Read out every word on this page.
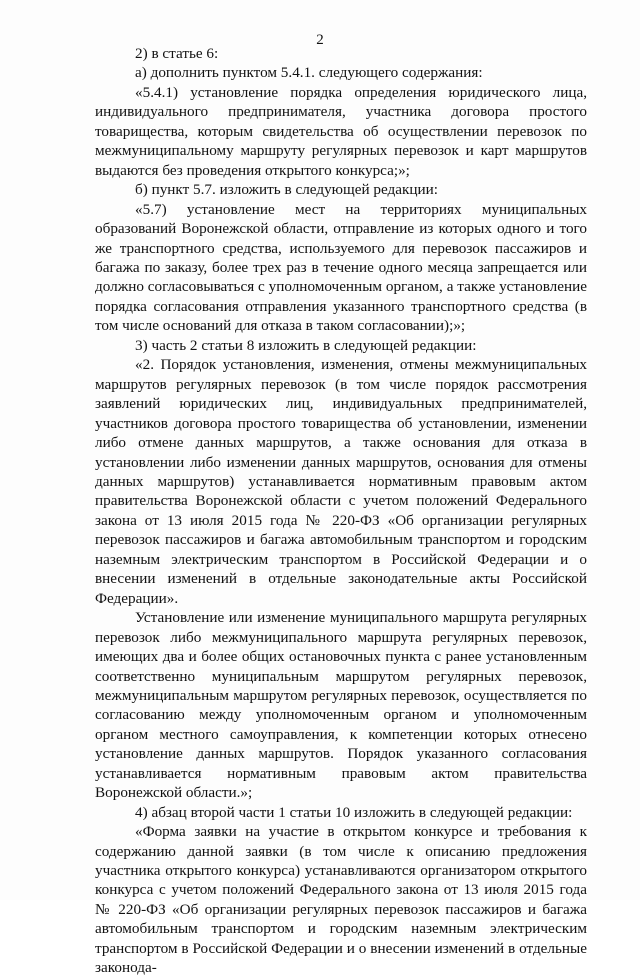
2

2) в статье 6:

а) дополнить пунктом 5.4.1. следующего содержания:

«5.4.1) установление порядка определения юридического лица, индивидуального предпринимателя, участника договора простого товарищества, которым свидетельства об осуществлении перевозок по межмуниципальному маршруту регулярных перевозок и карт маршрутов выдаются без проведения открытого конкурса;»;

б) пункт 5.7. изложить в следующей редакции:

«5.7) установление мест на территориях муниципальных образований Воронежской области, отправление из которых одного и того же транспортного средства, используемого для перевозок пассажиров и багажа по заказу, более трех раз в течение одного месяца запрещается или должно согласовываться с уполномоченным органом, а также установление порядка согласования отправления указанного транспортного средства (в том числе оснований для отказа в таком согласовании);»;

3) часть 2 статьи 8 изложить в следующей редакции:

«2. Порядок установления, изменения, отмены межмуниципальных маршрутов регулярных перевозок (в том числе порядок рассмотрения заявлений юридических лиц, индивидуальных предпринимателей, участников договора простого товарищества об установлении, изменении либо отмене данных маршрутов, а также основания для отказа в установлении либо изменении данных маршрутов, основания для отмены данных маршрутов) устанавливается нормативным правовым актом правительства Воронежской области с учетом положений Федерального закона от 13 июля 2015 года № 220-ФЗ «Об организации регулярных перевозок пассажиров и багажа автомобильным транспортом и городским наземным электрическим транспортом в Российской Федерации и о внесении изменений в отдельные законодательные акты Российской Федерации».

Установление или изменение муниципального маршрута регулярных перевозок либо межмуниципального маршрута регулярных перевозок, имеющих два и более общих остановочных пункта с ранее установленным соответственно муниципальным маршрутом регулярных перевозок, межмуниципальным маршрутом регулярных перевозок, осуществляется по согласованию между уполномоченным органом и уполномоченным органом местного самоуправления, к компетенции которых отнесено установление данных маршрутов. Порядок указанного согласования устанавливается нормативным правовым актом правительства Воронежской области.»;

4) абзац второй части 1 статьи 10 изложить в следующей редакции:

«Форма заявки на участие в открытом конкурсе и требования к содержанию данной заявки (в том числе к описанию предложения участника открытого конкурса) устанавливаются организатором открытого конкурса с учетом положений Федерального закона от 13 июля 2015 года № 220-ФЗ «Об организации регулярных перевозок пассажиров и багажа автомобильным транспортом и городским наземным электрическим транспортом в Российской Федерации и о внесении изменений в отдельные законода-
